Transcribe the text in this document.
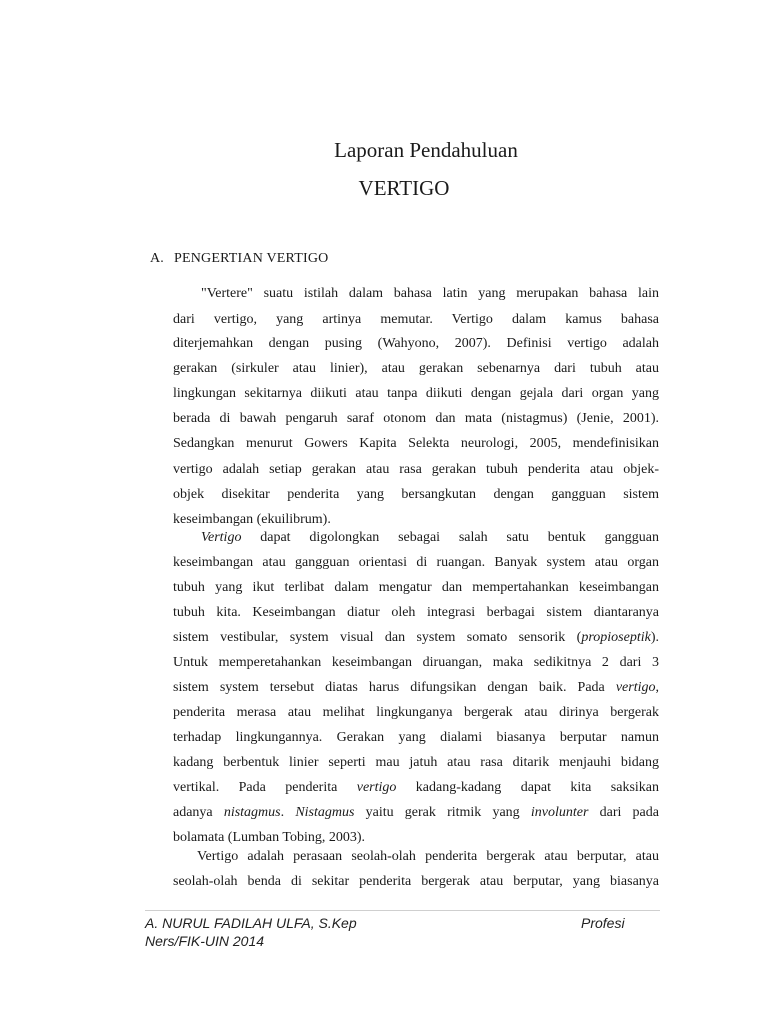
Laporan Pendahuluan
VERTIGO
A. PENGERTIAN VERTIGO
"Vertere" suatu istilah dalam bahasa latin yang merupakan bahasa lain
dari vertigo, yang artinya memutar. Vertigo dalam kamus bahasa
diterjemahkan dengan pusing (Wahyono, 2007). Definisi vertigo adalah
gerakan (sirkuler atau linier), atau gerakan sebenarnya dari tubuh atau
lingkungan sekitarnya diikuti atau tanpa diikuti dengan gejala dari organ yang
berada di bawah pengaruh saraf otonom dan mata (nistagmus) (Jenie, 2001).
Sedangkan menurut Gowers Kapita Selekta neurologi, 2005, mendefinisikan
vertigo adalah setiap gerakan atau rasa gerakan tubuh penderita atau objek-
objek disekitar penderita yang bersangkutan dengan gangguan sistem
keseimbangan (ekuilibrum).
Vertigo dapat digolongkan sebagai salah satu bentuk gangguan
keseimbangan atau gangguan orientasi di ruangan. Banyak system atau organ
tubuh yang ikut terlibat dalam mengatur dan mempertahankan keseimbangan
tubuh kita. Keseimbangan diatur oleh integrasi berbagai sistem diantaranya
sistem vestibular, system visual dan system somato sensorik (propioseptik).
Untuk memperetahankan keseimbangan diruangan, maka sedikitnya 2 dari 3
sistem system tersebut diatas harus difungsikan dengan baik. Pada vertigo,
penderita merasa atau melihat lingkunganya bergerak atau dirinya bergerak
terhadap lingkungannya. Gerakan yang dialami biasanya berputar namun
kadang berbentuk linier seperti mau jatuh atau rasa ditarik menjauhi bidang
vertikal. Pada penderita vertigo kadang-kadang dapat kita saksikan
adanya nistagmus. Nistagmus yaitu gerak ritmik yang involunter dari pada
bolamata (Lumban Tobing, 2003).
Vertigo adalah perasaan seolah-olah penderita bergerak atau berputar, atau
seolah-olah benda di sekitar penderita bergerak atau berputar, yang biasanya
A. NURUL FADILAH ULFA, S.Kep	Profesi
Ners/FIK-UIN 2014
